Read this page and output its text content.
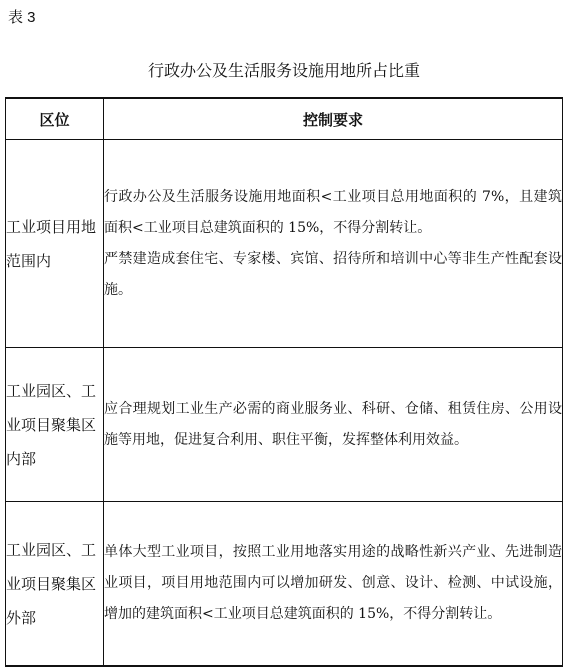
表 3
行政办公及生活服务设施用地所占比重
区位	控制要求
工业项目用地范围内	行政办公及生活服务设施用地面积<工业项目总用地面积的 7%，且建筑面积<工业项目总建筑面积的 15%，不得分割转让。

严禁建造成套住宅、专家楼、宾馆、招待所和培训中心等非生产性配套设施。

工业园区、工业项目聚集区内部	应合理规划工业生产必需的商业服务业、科研、仓储、租赁住房、公用设施等用地，促进复合利用、职住平衡，发挥整体利用效益。

工业园区、工业项目聚集区外部	单体大型工业项目，按照工业用地落实用途的战略性新兴产业、先进制造业项目，项目用地范围内可以增加研发、创意、设计、检测、中试设施，增加的建筑面积<工业项目总建筑面积的 15%，不得分割转让。
